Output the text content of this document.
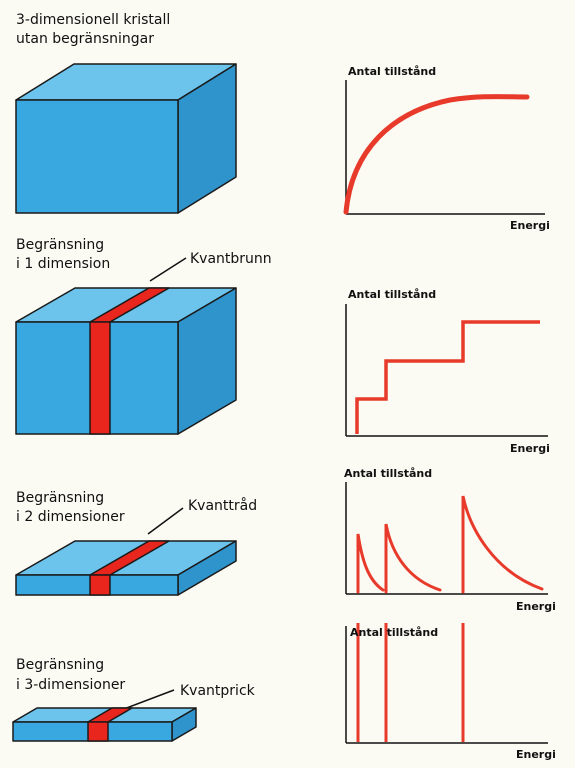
3-dimensionell kristall
utan begränsningar
Antal tillstånd
Energi
Begränsning
i 1 dimension	Kvantbrunn
Antal tillstånd
Energi
Begränsning
i 2 dimensioner
Kvanttråd
Antal tillstånd
Energi
Begränsning
i 3-dimensioner	Kvantprick
Antal tillstånd
Energi
